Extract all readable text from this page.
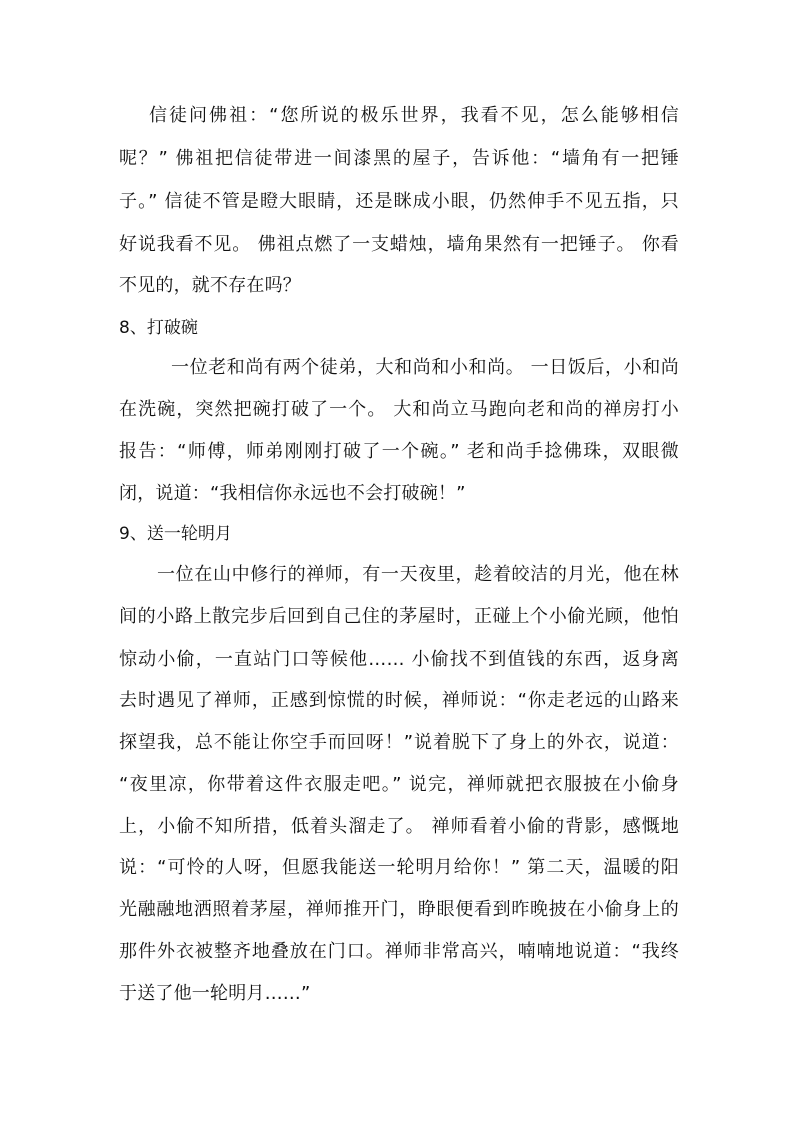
信徒问佛祖：“您所说的极乐世界，我看不见，怎么能够相信
呢？” 佛祖把信徒带进一间漆黑的屋子，告诉他：“墙角有一把锤
子。” 信徒不管是瞪大眼睛，还是眯成小眼，仍然伸手不见五指，只
好说我看不见。 佛祖点燃了一支蜡烛，墙角果然有一把锤子。 你看
不见的，就不存在吗？
8、打破碗
一位老和尚有两个徒弟，大和尚和小和尚。 一日饭后，小和尚
在洗碗，突然把碗打破了一个。 大和尚立马跑向老和尚的禅房打小
报告：“师傅，师弟刚刚打破了一个碗。” 老和尚手捻佛珠，双眼微
闭，说道：“我相信你永远也不会打破碗！”
9、送一轮明月
一位在山中修行的禅师，有一天夜里，趁着皎洁的月光，他在林
间的小路上散完步后回到自己住的茅屋时，正碰上个小偷光顾，他怕
惊动小偷，一直站门口等候他…… 小偷找不到值钱的东西，返身离
去时遇见了禅师，正感到惊慌的时候，禅师说：“你走老远的山路来
探望我，总不能让你空手而回呀！”说着脱下了身上的外衣，说道：
“夜里凉，你带着这件衣服走吧。” 说完，禅师就把衣服披在小偷身
上，小偷不知所措，低着头溜走了。 禅师看着小偷的背影，感慨地
说：“可怜的人呀，但愿我能送一轮明月给你！” 第二天，温暖的阳
光融融地洒照着茅屋，禅师推开门，睁眼便看到昨晚披在小偷身上的
那件外衣被整齐地叠放在门口。禅师非常高兴，喃喃地说道：“我终
于送了他一轮明月……”
